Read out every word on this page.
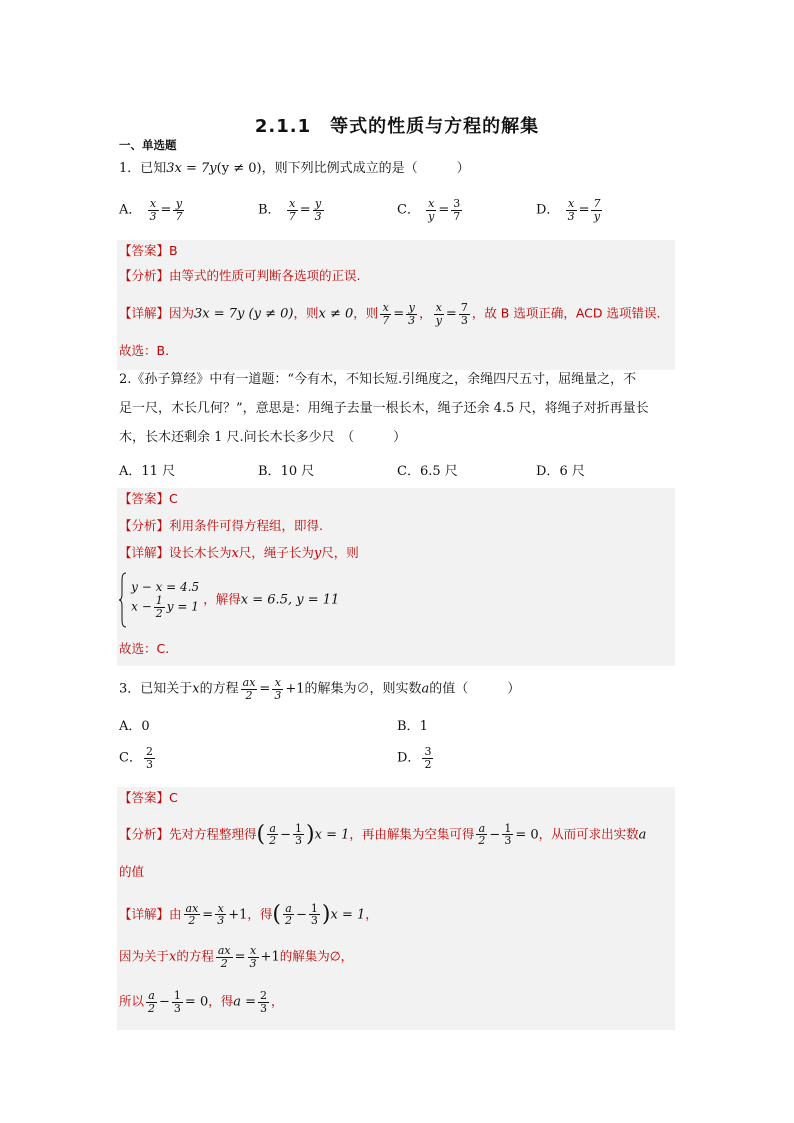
2.1.1　等式的性质与方程的解集
一、单选题
1．已知3x = 7y(y ≠ 0)，则下列比例式成立的是（　　　）
A． $\frac{x}{3} = \frac{y}{7}$	B． $\frac{x}{7} = \frac{y}{3}$	C． $\frac{x}{y} = \frac{3}{7}$	D． $\frac{x}{3} = \frac{7}{y}$
【答案】B
【分析】由等式的性质可判断各选项的正误.
【详解】因为3x = 7y (y ≠ 0)，则x ≠ 0，则 $\frac{x}{7} = \frac{y}{3}$ ， $\frac{x}{y} = \frac{7}{3}$ ，故 B 选项正确，ACD 选项错误.
故选：B.
2.《孙子算经》中有一道题：“今有木，不知长短.引绳度之，余绳四尺五寸，屈绳量之，不
足一尺，木长几何？”，意思是：用绳子去量一根长木，绳子还余 4.5 尺，将绳子对折再量长
木，长木还剩余 1 尺.问长木长多少尺　（　　　）
A．11 尺	B．10 尺	C．6.5 尺	D．6 尺
【答案】C
【分析】利用条件可得方程组，即得.
【详解】设长木长为x尺，绳子长为y尺，则

y − x = 4.5
$x - \frac{1}{2}$ y = 1
，解得x = 6.5, y = 11
故选：C.
3．已知关于x的方程 $\frac{ax}{2} = \frac{x}{3} +1$的解集为∅，则实数a的值（　　　）
A．0	B．1
C． $\frac{2}{3}$	D． $\frac{3}{2}$
【答案】C
【分析】先对方程整理得( $\frac{a}{2} - \frac{1}{3} )x = 1$，再由解集为空集可得 $\frac{a}{2} - \frac{1}{3} = 0$，从而可求出实数a
的值
【详解】由 $\frac{ax}{2} = \frac{x}{3} +1$，得( $\frac{a}{2} - \frac{1}{3} )x = 1$，
因为关于x的方程 $\frac{ax}{2} = \frac{x}{3} +1$的解集为∅，
所以 $\frac{a}{2} - \frac{1}{3} = 0$，得$a = \frac{2}{3}$ ，
